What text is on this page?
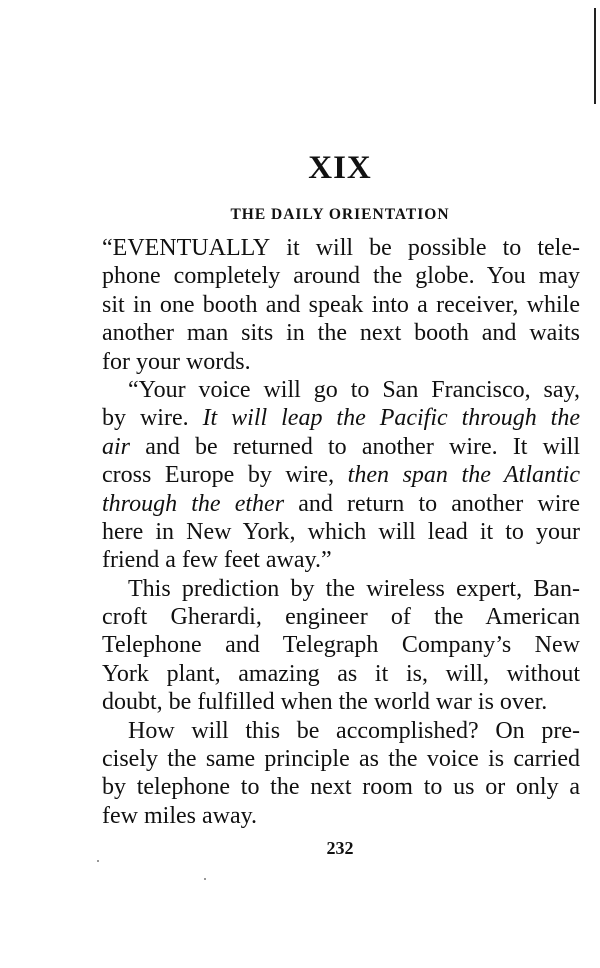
XIX
THE DAILY ORIENTATION
“EVENTUALLY it will be possible to tele-
phone completely around the globe. You may
sit in one booth and speak into a receiver, while
another man sits in the next booth and waits
for your words.
“Your voice will go to San Francisco, say,
by wire. It will leap the Pacific through the
air and be returned to another wire. It will
cross Europe by wire, then span the Atlantic
through the ether and return to another wire
here in New York, which will lead it to your
friend a few feet away.”
This prediction by the wireless expert, Ban-
croft Gherardi, engineer of the American
Telephone and Telegraph Company’s New
York plant, amazing as it is, will, without
doubt, be fulfilled when the world war is over.
How will this be accomplished? On pre-
cisely the same principle as the voice is carried
by telephone to the next room to us or only a
few miles away.
232
